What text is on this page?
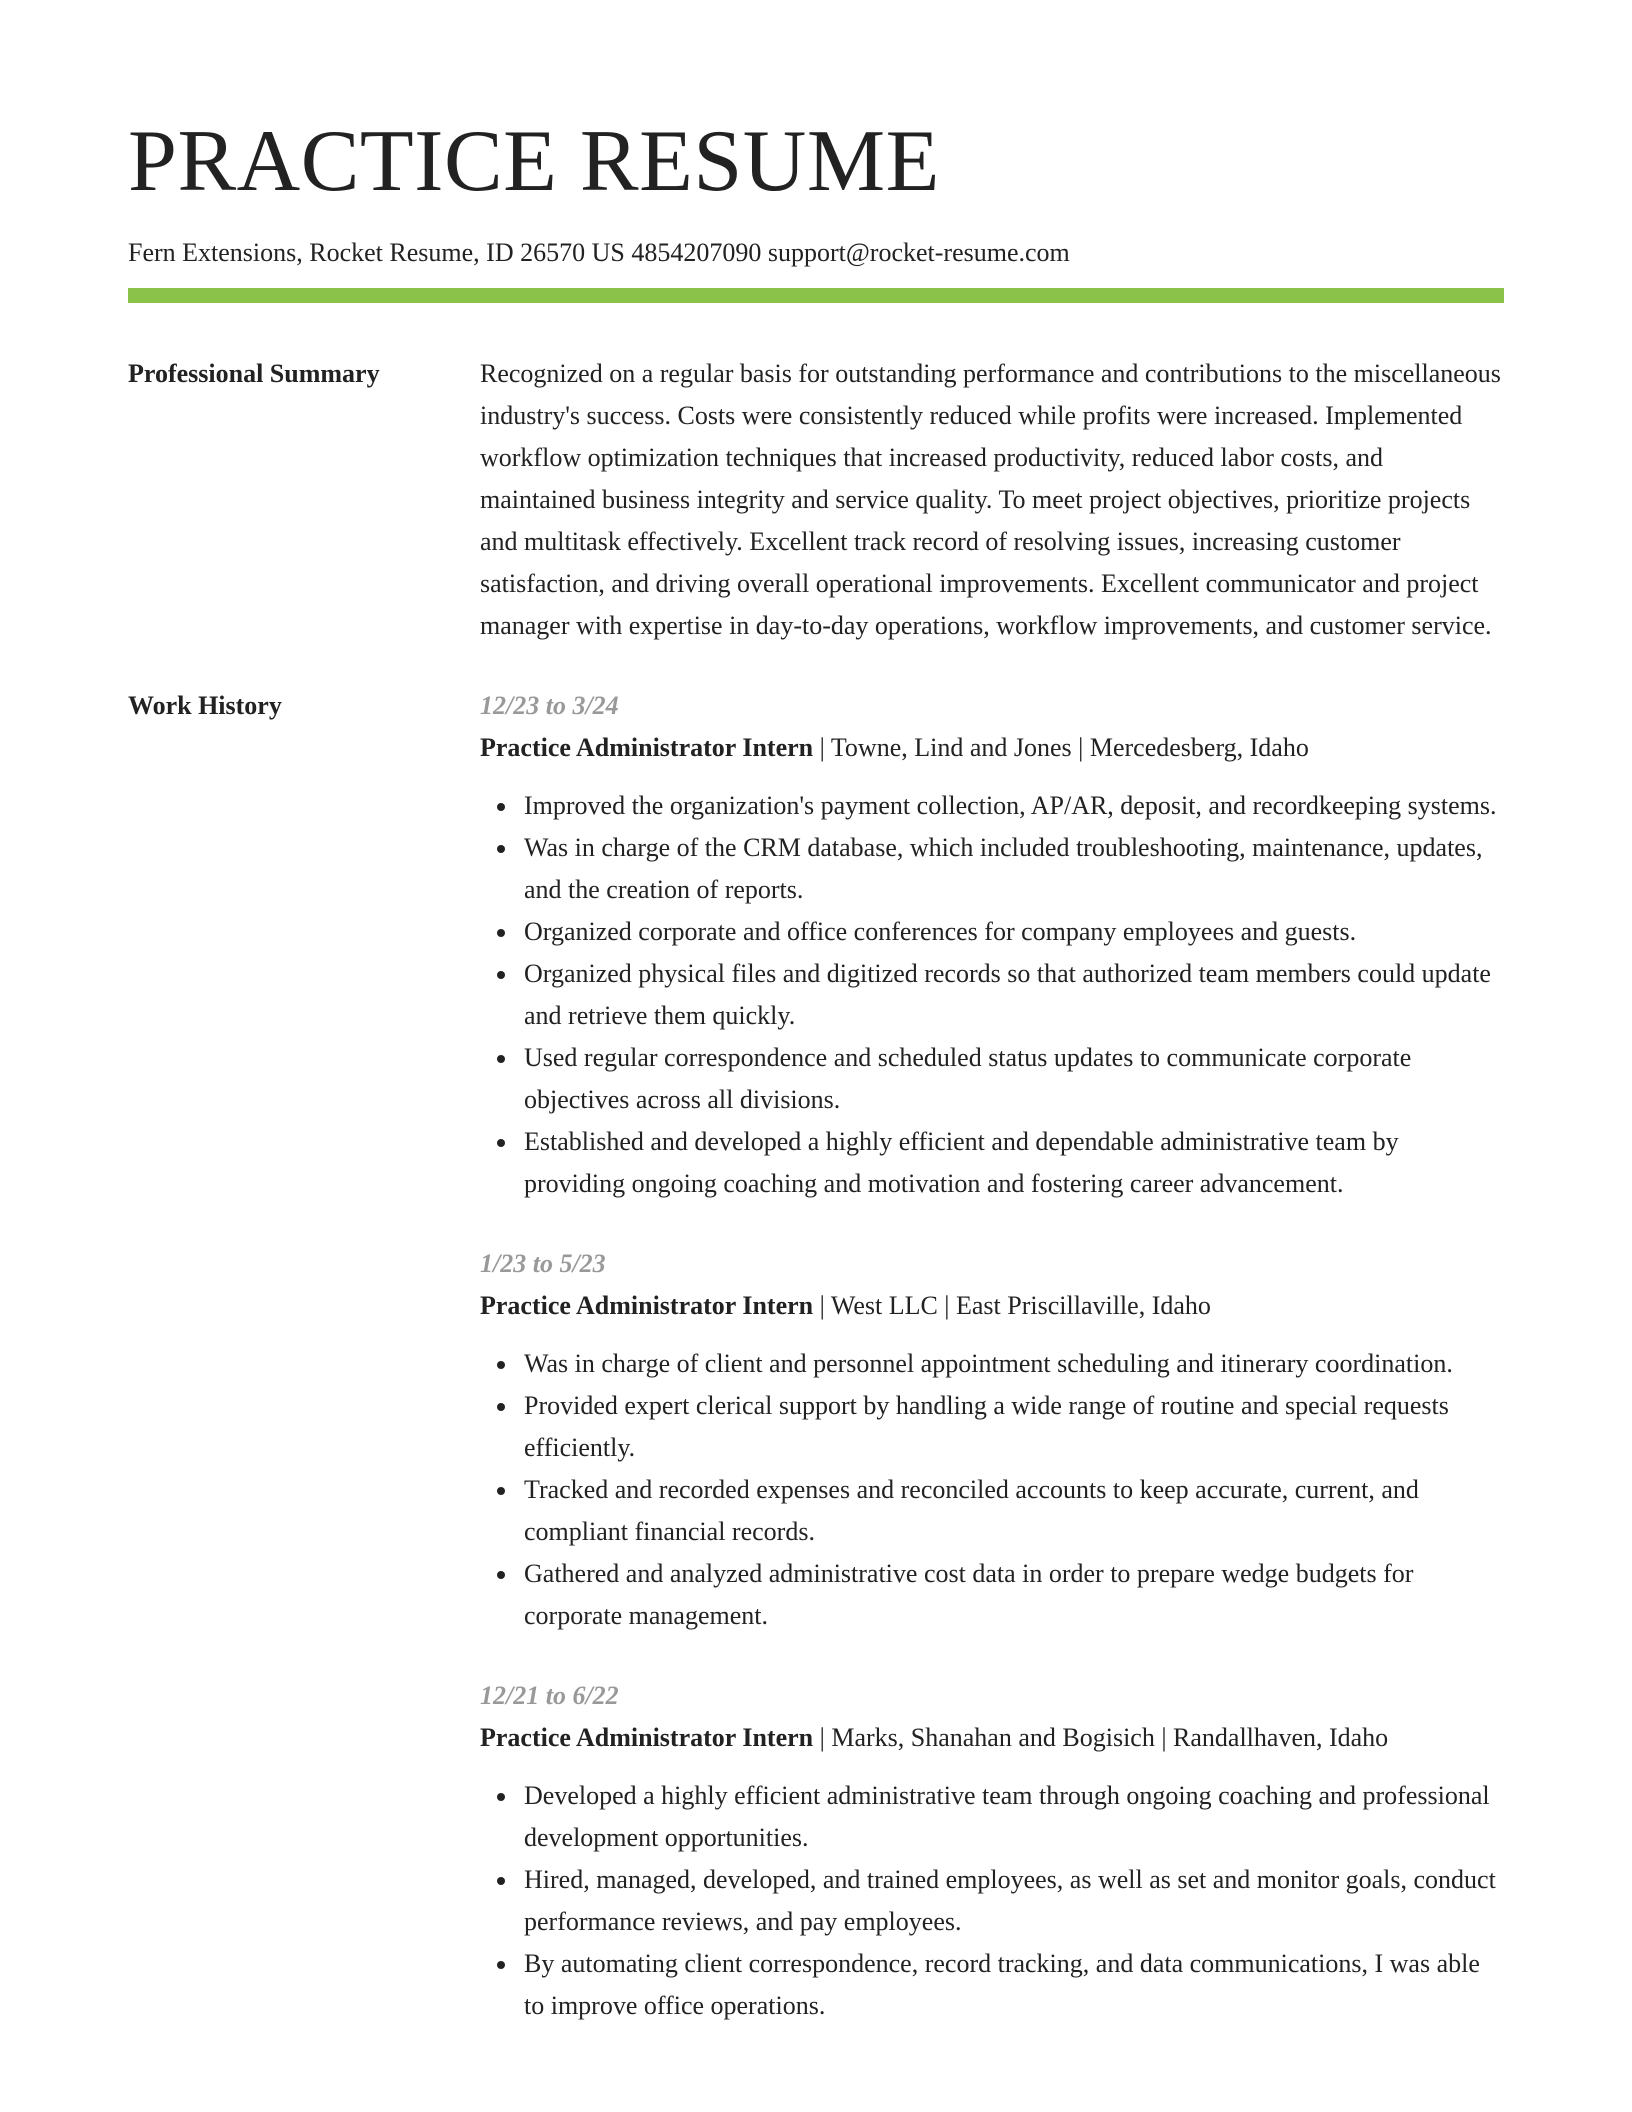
PRACTICE RESUME
Fern Extensions, Rocket Resume, ID 26570 US 4854207090 support@rocket-resume.com
Professional Summary	Recognized on a regular basis for outstanding performance and contributions to the miscellaneous industry's success. Costs were consistently reduced while profits were increased. Implemented workflow optimization techniques that increased productivity, reduced labor costs, and maintained business integrity and service quality. To meet project objectives, prioritize projects and multitask effectively. Excellent track record of resolving issues, increasing customer satisfaction, and driving overall operational improvements. Excellent communicator and project manager with expertise in day-to-day operations, workflow improvements, and customer service.

Work History	12/23 to 3/24
Practice Administrator Intern | Towne, Lind and Jones | Mercedesberg, Idaho
Improved the organization's payment collection, AP/AR, deposit, and recordkeeping systems.
Was in charge of the CRM database, which included troubleshooting, maintenance, updates, and the creation of reports.
Organized corporate and office conferences for company employees and guests.
Organized physical files and digitized records so that authorized team members could update and retrieve them quickly.
Used regular correspondence and scheduled status updates to communicate corporate objectives across all divisions.
Established and developed a highly efficient and dependable administrative team by providing ongoing coaching and motivation and fostering career advancement.
1/23 to 5/23
Practice Administrator Intern | West LLC | East Priscillaville, Idaho
Was in charge of client and personnel appointment scheduling and itinerary coordination.
Provided expert clerical support by handling a wide range of routine and special requests efficiently.
Tracked and recorded expenses and reconciled accounts to keep accurate, current, and compliant financial records.
Gathered and analyzed administrative cost data in order to prepare wedge budgets for corporate management.
12/21 to 6/22
Practice Administrator Intern | Marks, Shanahan and Bogisich | Randallhaven, Idaho
Developed a highly efficient administrative team through ongoing coaching and professional development opportunities.
Hired, managed, developed, and trained employees, as well as set and monitor goals, conduct performance reviews, and pay employees.
By automating client correspondence, record tracking, and data communications, I was able to improve office operations.
